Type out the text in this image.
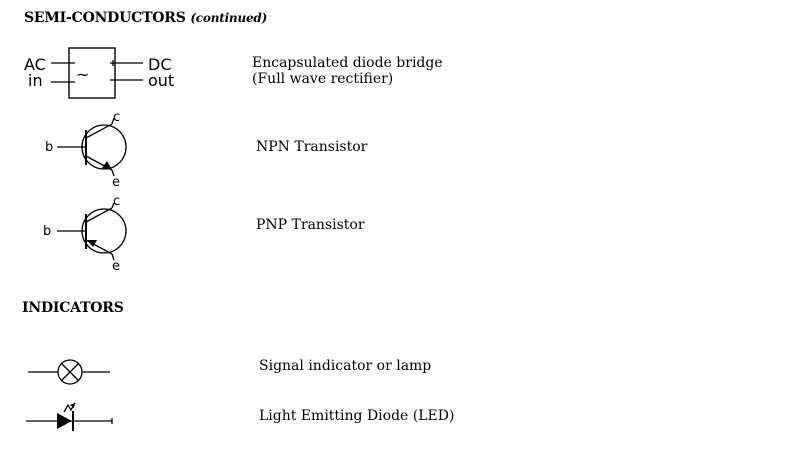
SEMI-CONDUCTORS (continued)
INDICATORS
Encapsulated diode bridge
(Full wave rectifier)
NPN Transistor
PNP Transistor
Signal indicator or lamp
Light Emitting Diode (LED)
AC
in ~
DC
out
b
c
e
b
c
e
